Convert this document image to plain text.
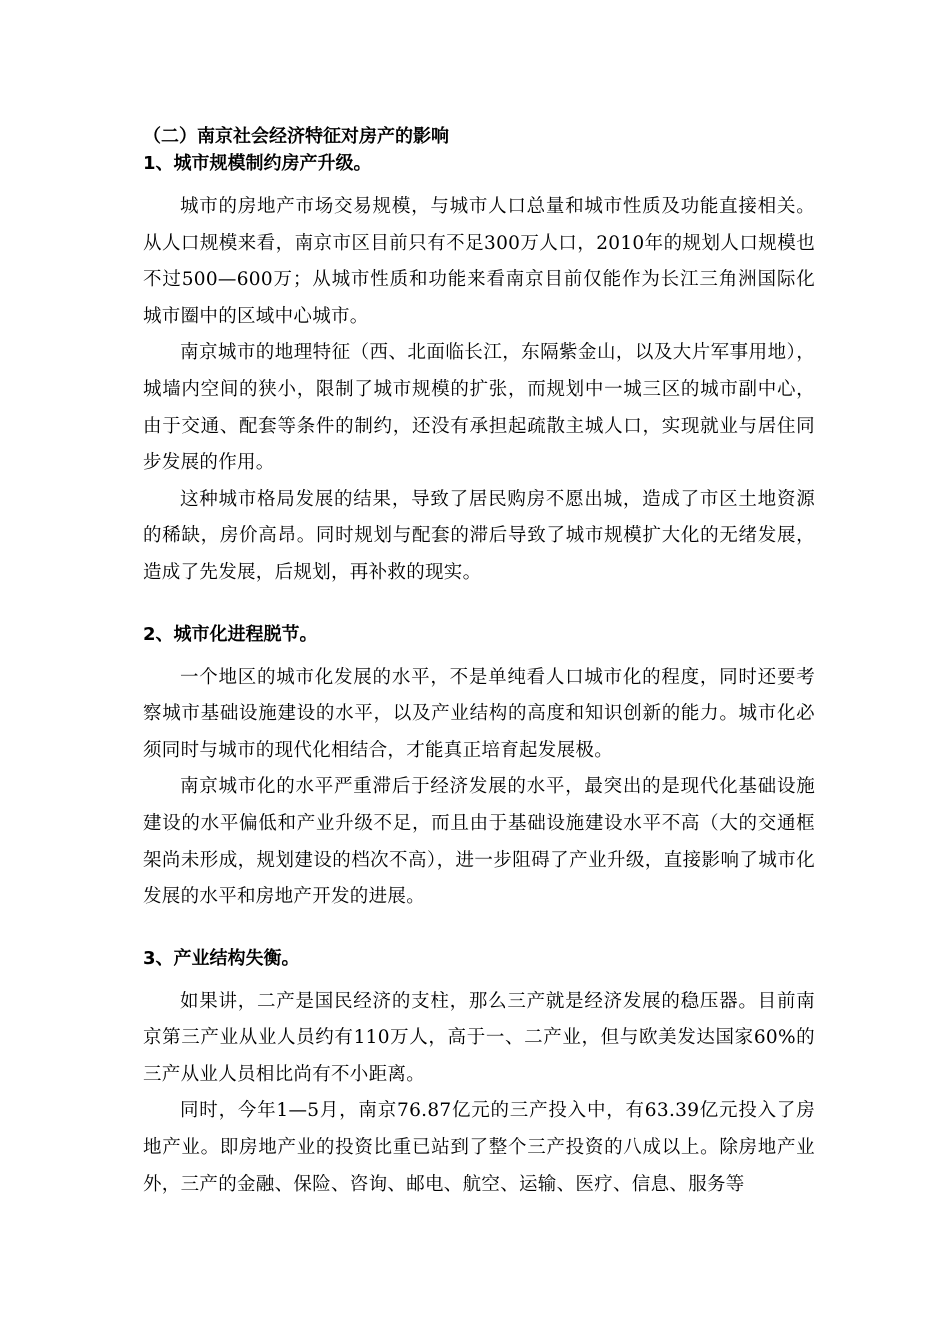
（二）南京社会经济特征对房产的影响

1、城市规模制约房产升级。

城市的房地产市场交易规模，与城市人口总量和城市性质及功能直接相关。从人口规模来看，南京市区目前只有不足300万人口，2010年的规划人口规模也不过500—600万；从城市性质和功能来看南京目前仅能作为长江三角洲国际化城市圈中的区域中心城市。

南京城市的地理特征（西、北面临长江，东隔紫金山，以及大片军事用地），城墙内空间的狭小，限制了城市规模的扩张，而规划中一城三区的城市副中心，由于交通、配套等条件的制约，还没有承担起疏散主城人口，实现就业与居住同步发展的作用。

这种城市格局发展的结果，导致了居民购房不愿出城，造成了市区土地资源的稀缺，房价高昂。同时规划与配套的滞后导致了城市规模扩大化的无绪发展，造成了先发展，后规划，再补救的现实。

2、城市化进程脱节。

一个地区的城市化发展的水平，不是单纯看人口城市化的程度，同时还要考察城市基础设施建设的水平，以及产业结构的高度和知识创新的能力。城市化必须同时与城市的现代化相结合，才能真正培育起发展极。

南京城市化的水平严重滞后于经济发展的水平，最突出的是现代化基础设施建设的水平偏低和产业升级不足，而且由于基础设施建设水平不高（大的交通框架尚未形成，规划建设的档次不高），进一步阻碍了产业升级，直接影响了城市化发展的水平和房地产开发的进展。

3、产业结构失衡。

如果讲，二产是国民经济的支柱，那么三产就是经济发展的稳压器。目前南京第三产业从业人员约有110万人，高于一、二产业，但与欧美发达国家60%的三产从业人员相比尚有不小距离。

同时，今年1—5月，南京76.87亿元的三产投入中，有63.39亿元投入了房地产业。即房地产业的投资比重已站到了整个三产投资的八成以上。除房地产业外，三产的金融、保险、咨询、邮电、航空、运输、医疗、信息、服务等
